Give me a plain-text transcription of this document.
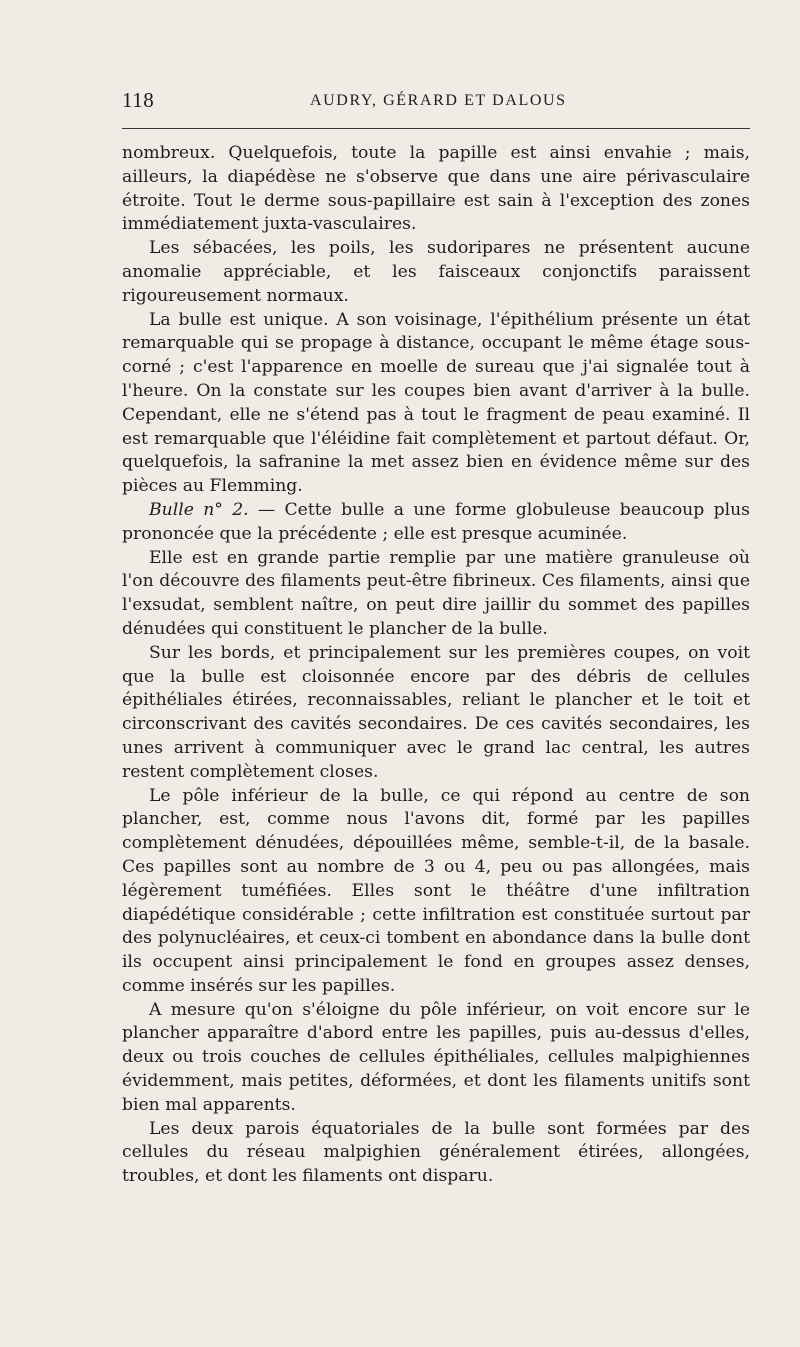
118	AUDRY, GÉRARD ET DALOUS

nombreux. Quelquefois, toute la papille est ainsi envahie ; mais, ailleurs, la diapédèse ne s'observe que dans une aire périvasculaire étroite. Tout le derme sous-papillaire est sain à l'exception des zones immédiatement juxta-vasculaires.

Les sébacées, les poils, les sudoripares ne présentent aucune anomalie appréciable, et les faisceaux conjonctifs paraissent rigoureusement normaux.

La bulle est unique. A son voisinage, l'épithélium présente un état remarquable qui se propage à distance, occupant le même étage sous-corné ; c'est l'apparence en moelle de sureau que j'ai signalée tout à l'heure. On la constate sur les coupes bien avant d'arriver à la bulle. Cependant, elle ne s'étend pas à tout le fragment de peau examiné. Il est remarquable que l'éléidine fait complètement et partout défaut. Or, quelquefois, la safranine la met assez bien en évidence même sur des pièces au Flemming.

Bulle n° 2. — Cette bulle a une forme globuleuse beaucoup plus prononcée que la précédente ; elle est presque acuminée.

Elle est en grande partie remplie par une matière granuleuse où l'on découvre des filaments peut-être fibrineux. Ces filaments, ainsi que l'exsudat, semblent naître, on peut dire jaillir du sommet des papilles dénudées qui constituent le plancher de la bulle.

Sur les bords, et principalement sur les premières coupes, on voit que la bulle est cloisonnée encore par des débris de cellules épithéliales étirées, reconnaissables, reliant le plancher et le toit et circonscrivant des cavités secondaires. De ces cavités secondaires, les unes arrivent à communiquer avec le grand lac central, les autres restent complètement closes.

Le pôle inférieur de la bulle, ce qui répond au centre de son plancher, est, comme nous l'avons dit, formé par les papilles complètement dénudées, dépouillées même, semble-t-il, de la basale. Ces papilles sont au nombre de 3 ou 4, peu ou pas allongées, mais légèrement tuméfiées. Elles sont le théâtre d'une infiltration diapédétique considérable ; cette infiltration est constituée surtout par des polynucléaires, et ceux-ci tombent en abondance dans la bulle dont ils occupent ainsi principalement le fond en groupes assez denses, comme insérés sur les papilles.

A mesure qu'on s'éloigne du pôle inférieur, on voit encore sur le plancher apparaître d'abord entre les papilles, puis au-dessus d'elles, deux ou trois couches de cellules épithéliales, cellules malpighiennes évidemment, mais petites, déformées, et dont les filaments unitifs sont bien mal apparents.

Les deux parois équatoriales de la bulle sont formées par des cellules du réseau malpighien généralement étirées, allongées, troubles, et dont les filaments ont disparu.
